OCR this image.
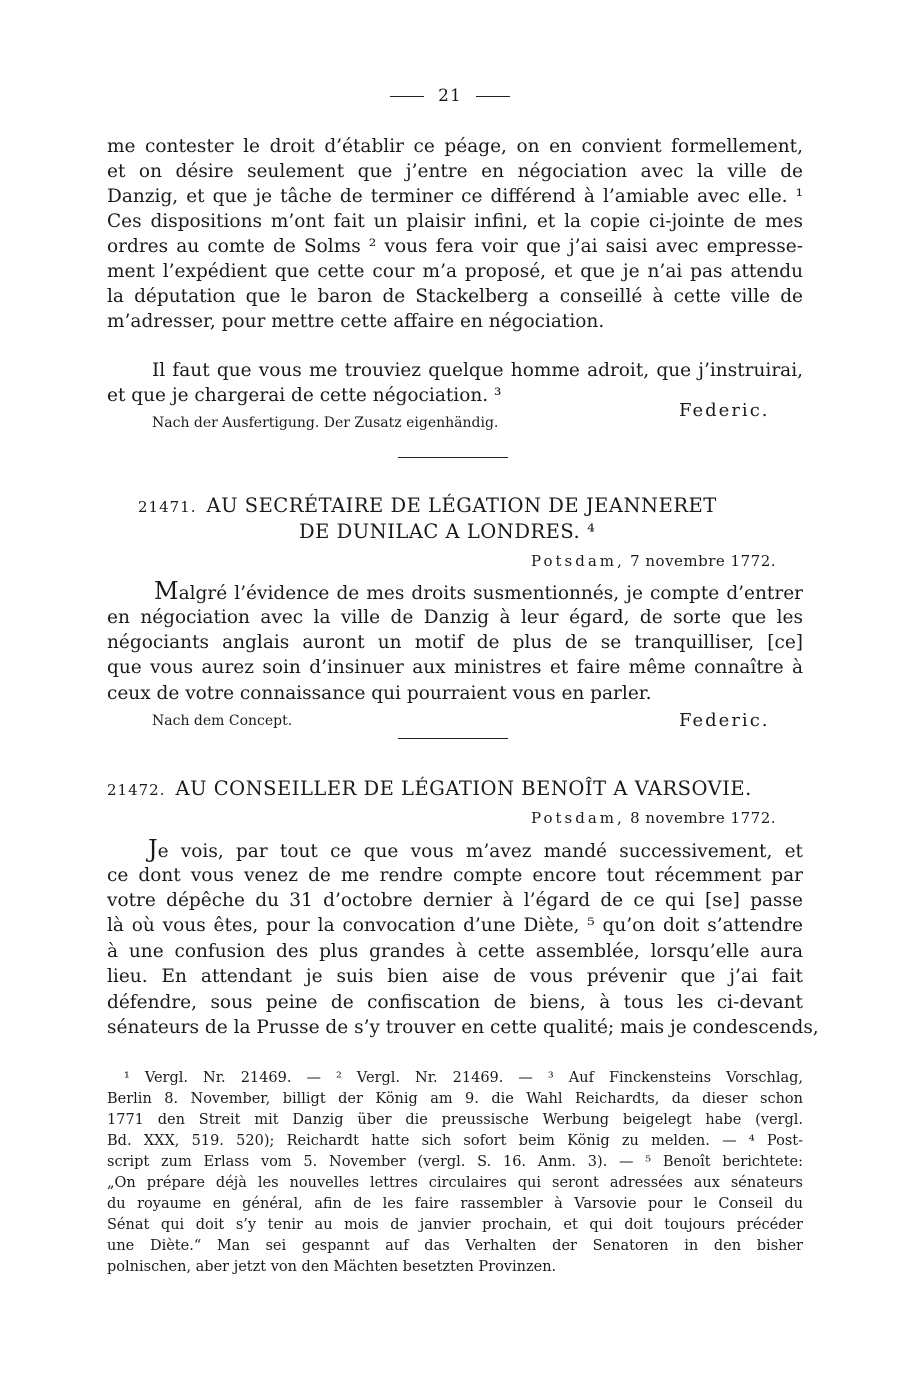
21
me contester le droit d’établir ce péage, on en convient formellement,
et on désire seulement que j’entre en négociation avec la ville de
Danzig, et que je tâche de terminer ce différend à l’amiable avec elle. ¹
Ces dispositions m’ont fait un plaisir infini, et la copie ci-jointe de mes
ordres au comte de Solms ² vous fera voir que j’ai saisi avec empresse-
ment l’expédient que cette cour m’a proposé, et que je n’ai pas attendu
la députation que le baron de Stackelberg a conseillé à cette ville de
m’adresser, pour mettre cette affaire en négociation.
Il faut que vous me trouviez quelque homme adroit, que j’instruirai,
et que je chargerai de cette négociation. ³
Federic.
Nach der Ausfertigung. Der Zusatz eigenhändig.
21471. AU SECRÉTAIRE DE LÉGATION DE JEANNERET
DE DUNILAC A LONDRES. ⁴
Potsdam, 7 novembre 1772.
Malgré l’évidence de mes droits susmentionnés, je compte d’entrer
en négociation avec la ville de Danzig à leur égard, de sorte que les
négociants anglais auront un motif de plus de se tranquilliser, [ce]
que vous aurez soin d’insinuer aux ministres et faire même connaître à
ceux de votre connaissance qui pourraient vous en parler.
Nach dem Concept.	Federic.
21472. AU CONSEILLER DE LÉGATION BENOÎT A VARSOVIE.
Potsdam, 8 novembre 1772.
Je vois, par tout ce que vous m’avez mandé successivement, et
ce dont vous venez de me rendre compte encore tout récemment par
votre dépêche du 31 d’octobre dernier à l’égard de ce qui [se] passe
là où vous êtes, pour la convocation d’une Diète, ⁵ qu’on doit s’attendre
à une confusion des plus grandes à cette assemblée, lorsqu’elle aura
lieu. En attendant je suis bien aise de vous prévenir que j’ai fait
défendre, sous peine de confiscation de biens, à tous les ci-devant
sénateurs de la Prusse de s’y trouver en cette qualité; mais je condescends,
¹ Vergl. Nr. 21469. — ² Vergl. Nr. 21469. — ³ Auf Finckensteins Vorschlag,
Berlin 8. November, billigt der König am 9. die Wahl Reichardts, da dieser schon
1771 den Streit mit Danzig über die preussische Werbung beigelegt habe (vergl.
Bd. XXX, 519. 520); Reichardt hatte sich sofort beim König zu melden. — ⁴ Post-
script zum Erlass vom 5. November (vergl. S. 16. Anm. 3). — ⁵ Benoît berichtete:
„On prépare déjà les nouvelles lettres circulaires qui seront adressées aux sénateurs
du royaume en général, afin de les faire rassembler à Varsovie pour le Conseil du
Sénat qui doit s’y tenir au mois de janvier prochain, et qui doit toujours précéder
une Diète.“ Man sei gespannt auf das Verhalten der Senatoren in den bisher
polnischen, aber jetzt von den Mächten besetzten Provinzen.
